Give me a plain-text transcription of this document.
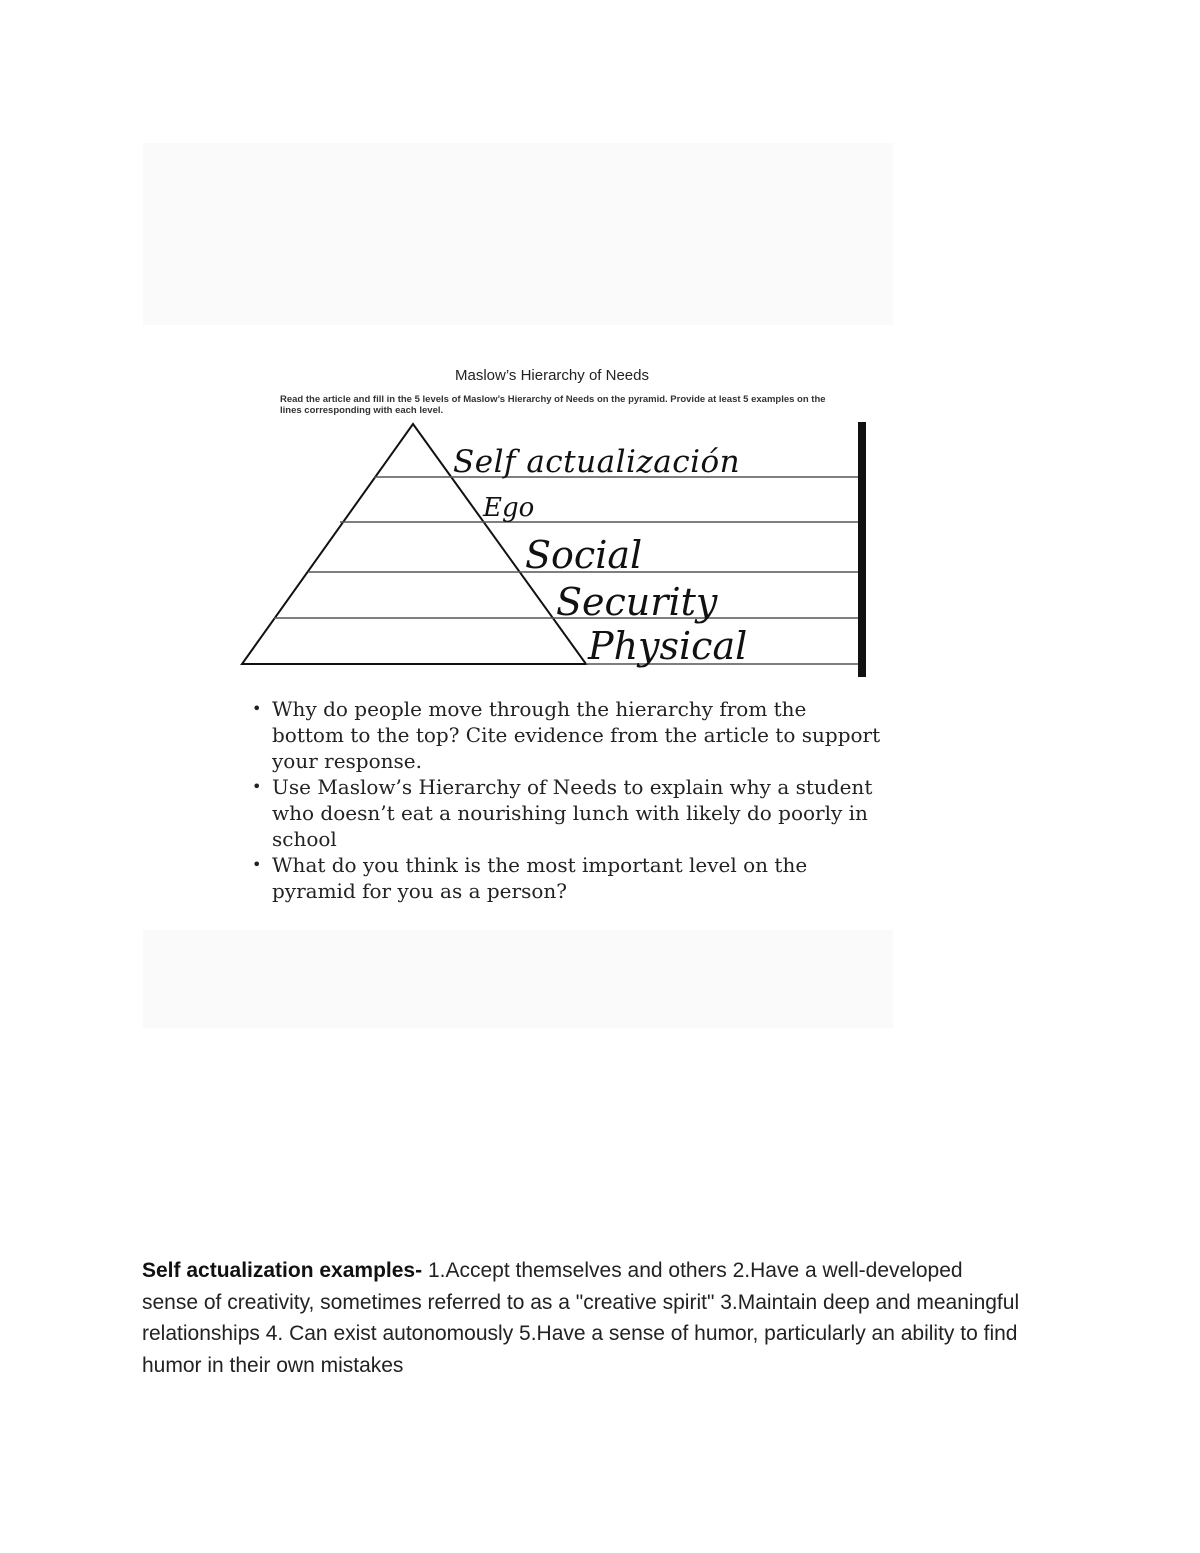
Maslow’s Hierarchy of Needs
Read the article and fill in the 5 levels of Maslow’s Hierarchy of Needs on the pyramid. Provide at least 5 examples on the lines corresponding with each level.
Self actualización
Ego
Social
Security
Physical
• Why do people move through the hierarchy from the bottom to the top? Cite evidence from the article to support your response.
• Use Maslow’s Hierarchy of Needs to explain why a student who doesn’t eat a nourishing lunch with likely do poorly in school
• What do you think is the most important level on the pyramid for you as a person?

Self actualization examples- 1.Accept themselves and others 2.Have a well-developed sense of creativity, sometimes referred to as a "creative spirit" 3.Maintain deep and meaningful relationships 4. Can exist autonomously 5.Have a sense of humor, particularly an ability to find humor in their own mistakes
